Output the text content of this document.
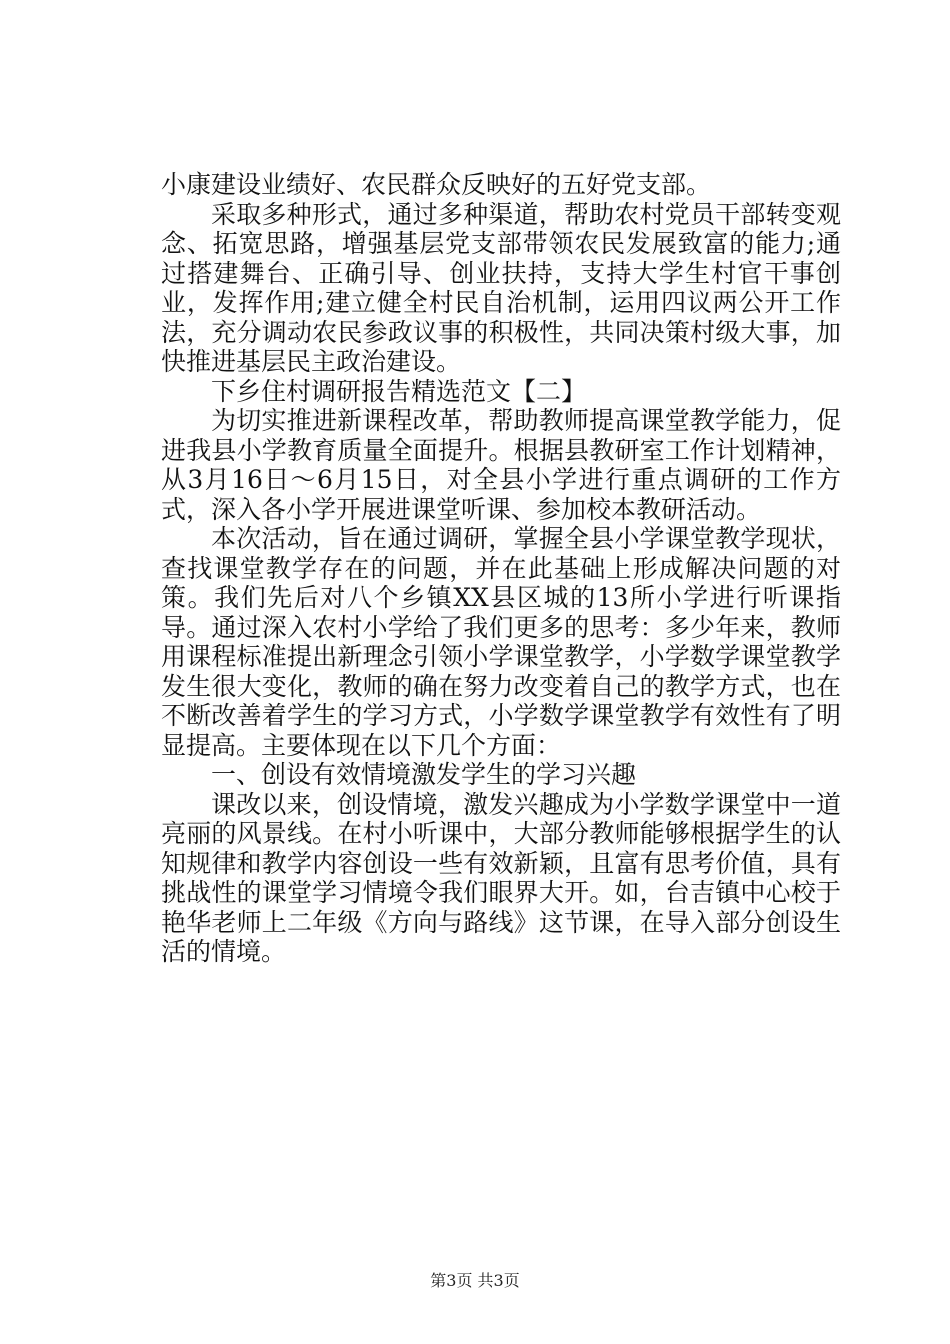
小康建设业绩好、农民群众反映好的五好党支部。

采取多种形式，通过多种渠道，帮助农村党员干部转变观念、拓宽思路，增强基层党支部带领农民发展致富的能力;通过搭建舞台、正确引导、创业扶持，支持大学生村官干事创业，发挥作用;建立健全村民自治机制，运用四议两公开工作法，充分调动农民参政议事的积极性，共同决策村级大事，加快推进基层民主政治建设。

下乡住村调研报告精选范文【二】

为切实推进新课程改革，帮助教师提高课堂教学能力，促进我县小学教育质量全面提升。根据县教研室工作计划精神，从3月16日～6月15日，对全县小学进行重点调研的工作方式，深入各小学开展进课堂听课、参加校本教研活动。

本次活动，旨在通过调研，掌握全县小学课堂教学现状，查找课堂教学存在的问题，并在此基础上形成解决问题的对策。我们先后对八个乡镇XX县区城的13所小学进行听课指导。通过深入农村小学给了我们更多的思考：多少年来，教师用课程标准提出新理念引领小学课堂教学，小学数学课堂教学发生很大变化，教师的确在努力改变着自己的教学方式，也在不断改善着学生的学习方式，小学数学课堂教学有效性有了明显提高。主要体现在以下几个方面：

一、创设有效情境激发学生的学习兴趣

课改以来，创设情境，激发兴趣成为小学数学课堂中一道亮丽的风景线。在村小听课中，大部分教师能够根据学生的认知规律和教学内容创设一些有效新颖，且富有思考价值，具有挑战性的课堂学习情境令我们眼界大开。如，台吉镇中心校于艳华老师上二年级《方向与路线》这节课，在导入部分创设生活的情境。

第3页 共3页
